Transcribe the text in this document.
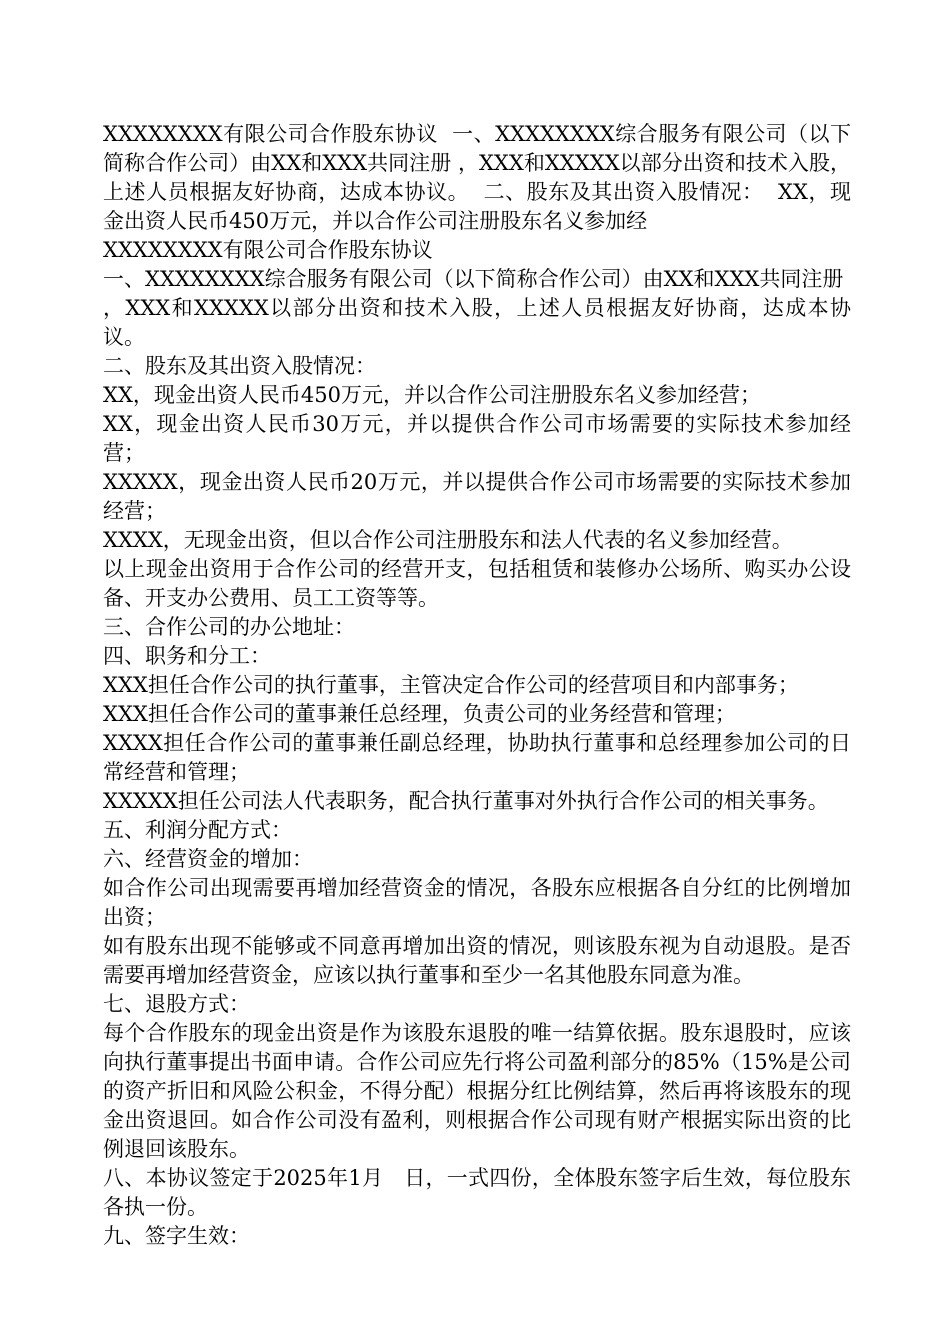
XXXXXXXX有限公司合作股东协议  一、XXXXXXXX综合服务有限公司（以下简称合作公司）由XX和XXX共同注册 ，XXX和XXXXX以部分出资和技术入股，上述人员根据友好协商，达成本协议。  二、股东及其出资入股情况：  XX，现金出资人民币450万元，并以合作公司注册股东名义参加经

XXXXXXXX有限公司合作股东协议

一、XXXXXXXX综合服务有限公司（以下简称合作公司）由XX和XXX共同注册

，XXX和XXXXX以部分出资和技术入股，上述人员根据友好协商，达成本协议。

二、股东及其出资入股情况：

XX，现金出资人民币450万元，并以合作公司注册股东名义参加经营；

XX，现金出资人民币30万元，并以提供合作公司市场需要的实际技术参加经营；

XXXXX，现金出资人民币20万元，并以提供合作公司市场需要的实际技术参加经营；

XXXX，无现金出资，但以合作公司注册股东和法人代表的名义参加经营。

以上现金出资用于合作公司的经营开支，包括租赁和装修办公场所、购买办公设备、开支办公费用、员工工资等等。

三、合作公司的办公地址：

四、职务和分工：

XXX担任合作公司的执行董事，主管决定合作公司的经营项目和内部事务；

XXX担任合作公司的董事兼任总经理，负责公司的业务经营和管理；

XXXX担任合作公司的董事兼任副总经理，协助执行董事和总经理参加公司的日常经营和管理；

XXXXX担任公司法人代表职务，配合执行董事对外执行合作公司的相关事务。

五、利润分配方式：

六、经营资金的增加：

如合作公司出现需要再增加经营资金的情况，各股东应根据各自分红的比例增加出资；

如有股东出现不能够或不同意再增加出资的情况，则该股东视为自动退股。是否需要再增加经营资金，应该以执行董事和至少一名其他股东同意为准。

七、退股方式：

每个合作股东的现金出资是作为该股东退股的唯一结算依据。股东退股时，应该向执行董事提出书面申请。合作公司应先行将公司盈利部分的85%（15%是公司的资产折旧和风险公积金，不得分配）根据分红比例结算，然后再将该股东的现金出资退回。如合作公司没有盈利，则根据合作公司现有财产根据实际出资的比例退回该股东。

八、本协议签定于2025年1月   日，一式四份，全体股东签字后生效，每位股东各执一份。

九、签字生效：
